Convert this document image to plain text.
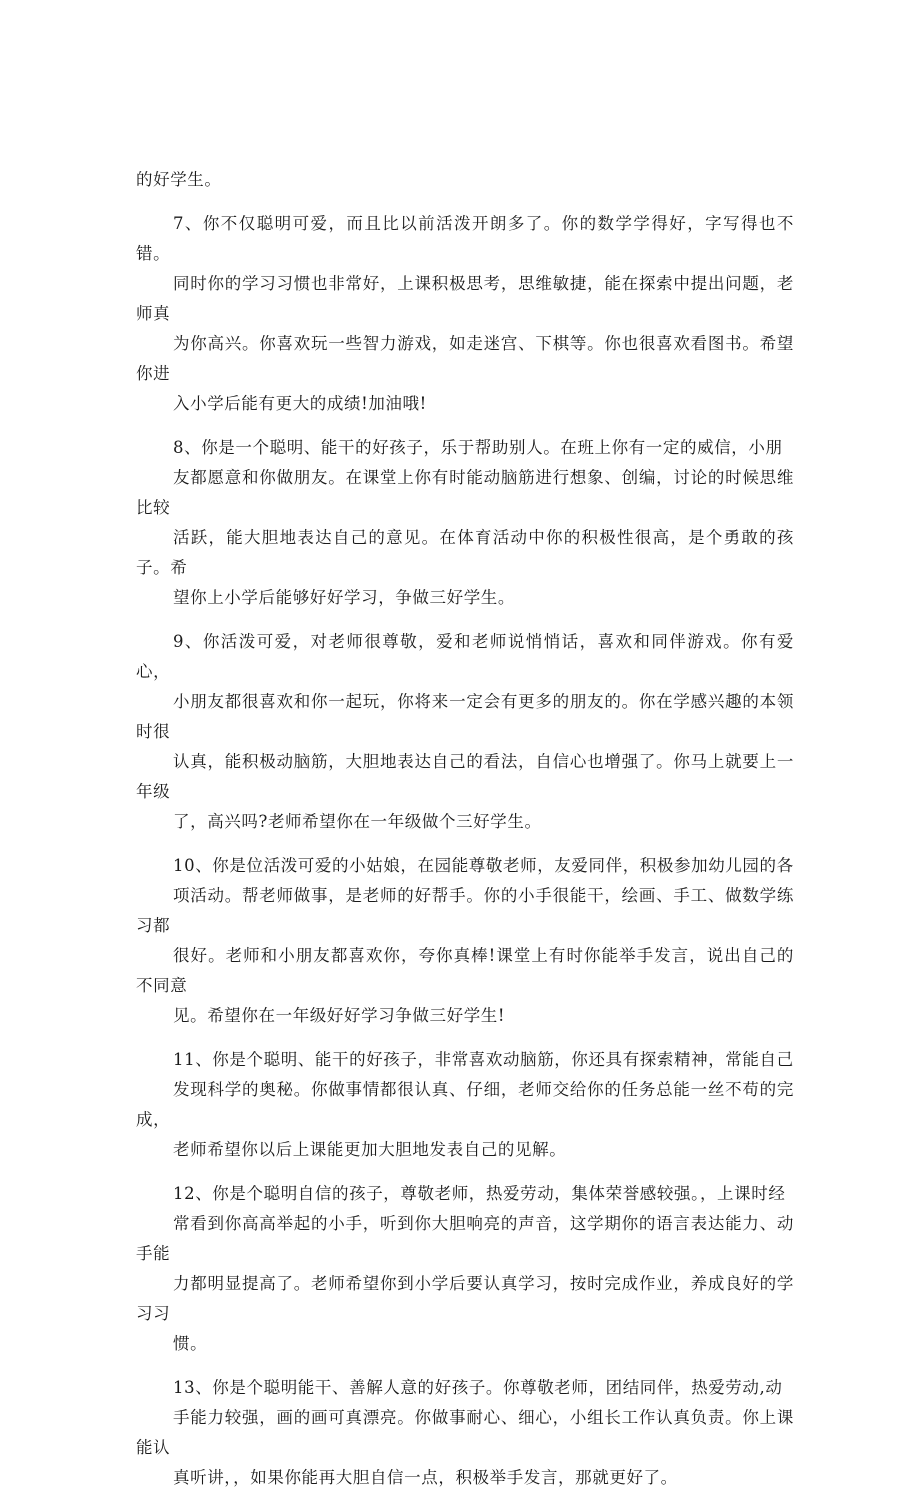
的好学生。

7、你不仅聪明可爱，而且比以前活泼开朗多了。你的数学学得好，字写得也不错。
同时你的学习习惯也非常好，上课积极思考，思维敏捷，能在探索中提出问题，老师真
为你高兴。你喜欢玩一些智力游戏，如走迷宫、下棋等。你也很喜欢看图书。希望你进
入小学后能有更大的成绩!加油哦!

8、你是一个聪明、能干的好孩子，乐于帮助别人。在班上你有一定的威信，小朋
友都愿意和你做朋友。在课堂上你有时能动脑筋进行想象、创编，讨论的时候思维比较
活跃，能大胆地表达自己的意见。在体育活动中你的积极性很高，是个勇敢的孩子。希
望你上小学后能够好好学习，争做三好学生。

9、你活泼可爱，对老师很尊敬，爱和老师说悄悄话，喜欢和同伴游戏。你有爱心，
小朋友都很喜欢和你一起玩，你将来一定会有更多的朋友的。你在学感兴趣的本领时很
认真，能积极动脑筋，大胆地表达自己的看法，自信心也增强了。你马上就要上一年级
了，高兴吗?老师希望你在一年级做个三好学生。

10、你是位活泼可爱的小姑娘，在园能尊敬老师，友爱同伴，积极参加幼儿园的各
项活动。帮老师做事，是老师的好帮手。你的小手很能干，绘画、手工、做数学练习都
很好。老师和小朋友都喜欢你，夸你真棒!课堂上有时你能举手发言，说出自己的不同意
见。希望你在一年级好好学习争做三好学生!

11、你是个聪明、能干的好孩子，非常喜欢动脑筋，你还具有探索精神，常能自己
发现科学的奥秘。你做事情都很认真、仔细，老师交给你的任务总能一丝不苟的完成，
老师希望你以后上课能更加大胆地发表自己的见解。

12、你是个聪明自信的孩子，尊敬老师，热爱劳动，集体荣誉感较强。，上课时经
常看到你高高举起的小手，听到你大胆响亮的声音，这学期你的语言表达能力、动手能
力都明显提高了。老师希望你到小学后要认真学习，按时完成作业，养成良好的学习习
惯。

13、你是个聪明能干、善解人意的好孩子。你尊敬老师，团结同伴，热爱劳动,动
手能力较强，画的画可真漂亮。你做事耐心、细心，小组长工作认真负责。你上课能认
真听讲，，如果你能再大胆自信一点，积极举手发言，那就更好了。
